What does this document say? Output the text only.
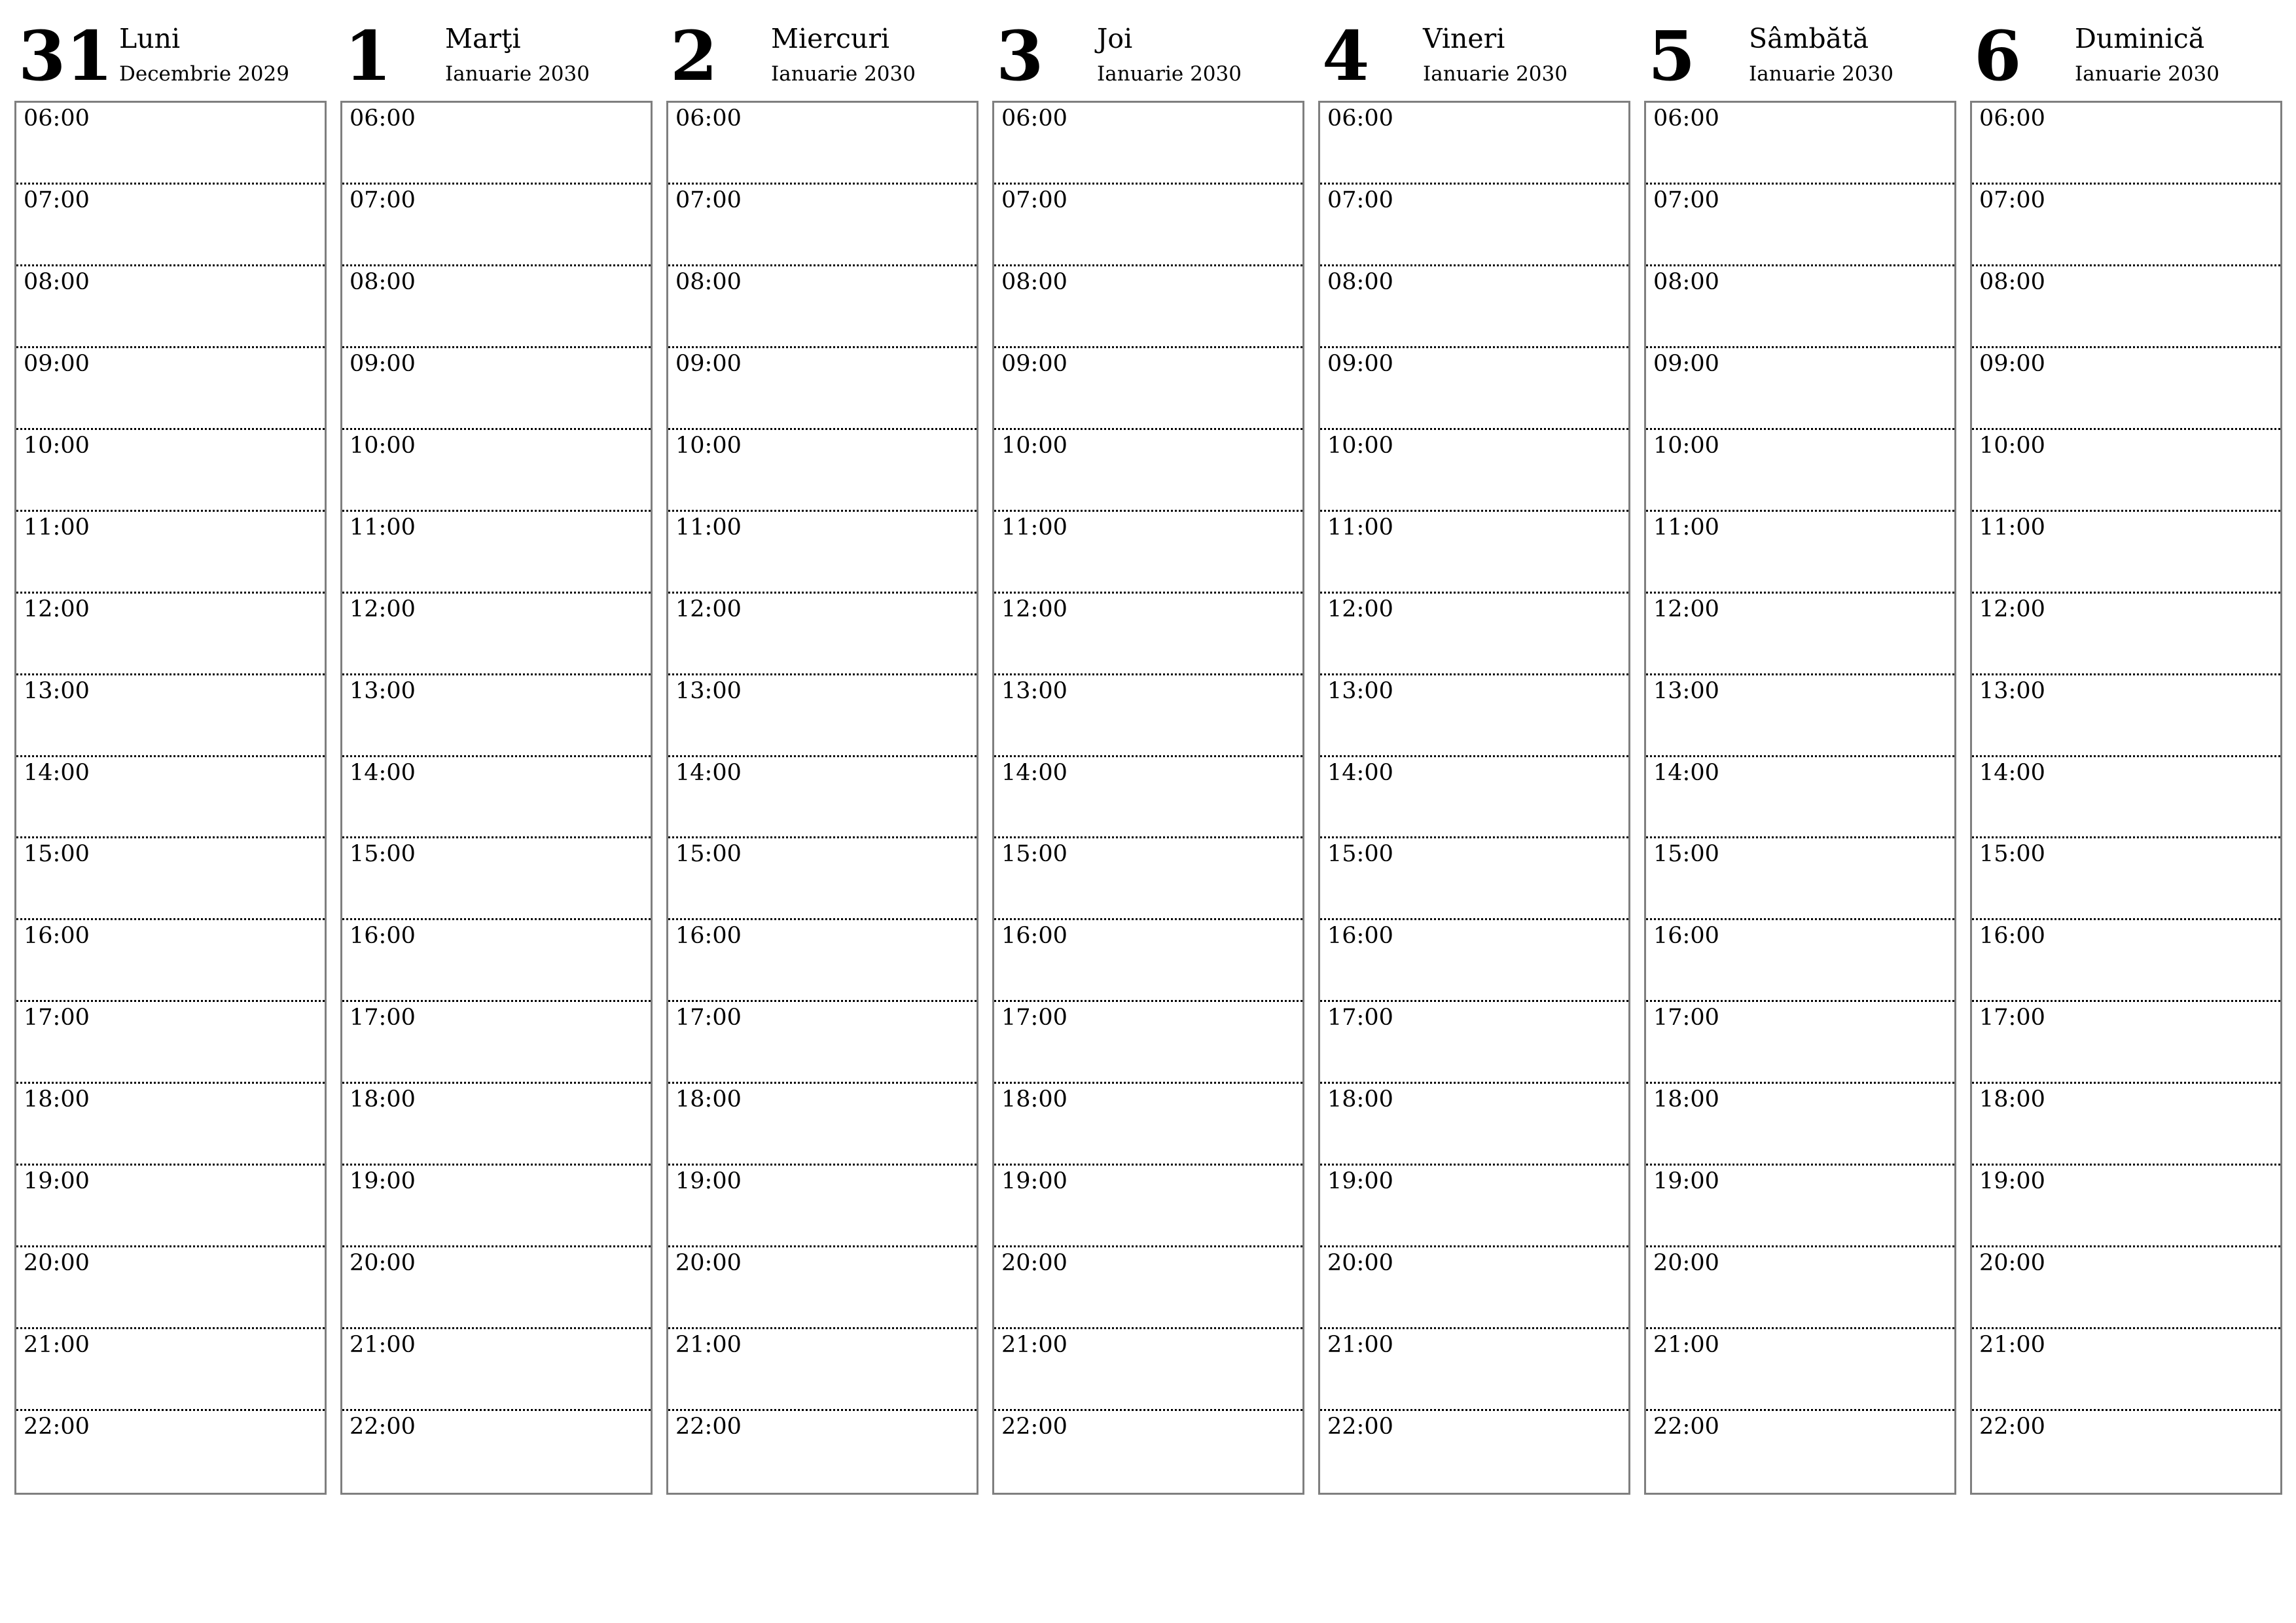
31 Luni
Decembrie 2029
06:00
07:00
08:00
09:00
10:00
11:00
12:00
13:00
14:00
15:00
16:00
17:00
18:00
19:00
20:00
21:00
22:00
1 Marţi
Ianuarie 2030
06:00
07:00
08:00
09:00
10:00
11:00
12:00
13:00
14:00
15:00
16:00
17:00
18:00
19:00
20:00
21:00
22:00
2 Miercuri
Ianuarie 2030
06:00
07:00
08:00
09:00
10:00
11:00
12:00
13:00
14:00
15:00
16:00
17:00
18:00
19:00
20:00
21:00
22:00
3 Joi
Ianuarie 2030
06:00
07:00
08:00
09:00
10:00
11:00
12:00
13:00
14:00
15:00
16:00
17:00
18:00
19:00
20:00
21:00
22:00
4 Vineri
Ianuarie 2030
06:00
07:00
08:00
09:00
10:00
11:00
12:00
13:00
14:00
15:00
16:00
17:00
18:00
19:00
20:00
21:00
22:00
5 Sâmbătă
Ianuarie 2030
06:00
07:00
08:00
09:00
10:00
11:00
12:00
13:00
14:00
15:00
16:00
17:00
18:00
19:00
20:00
21:00
22:00
6 Duminică
Ianuarie 2030
06:00
07:00
08:00
09:00
10:00
11:00
12:00
13:00
14:00
15:00
16:00
17:00
18:00
19:00
20:00
21:00
22:00
